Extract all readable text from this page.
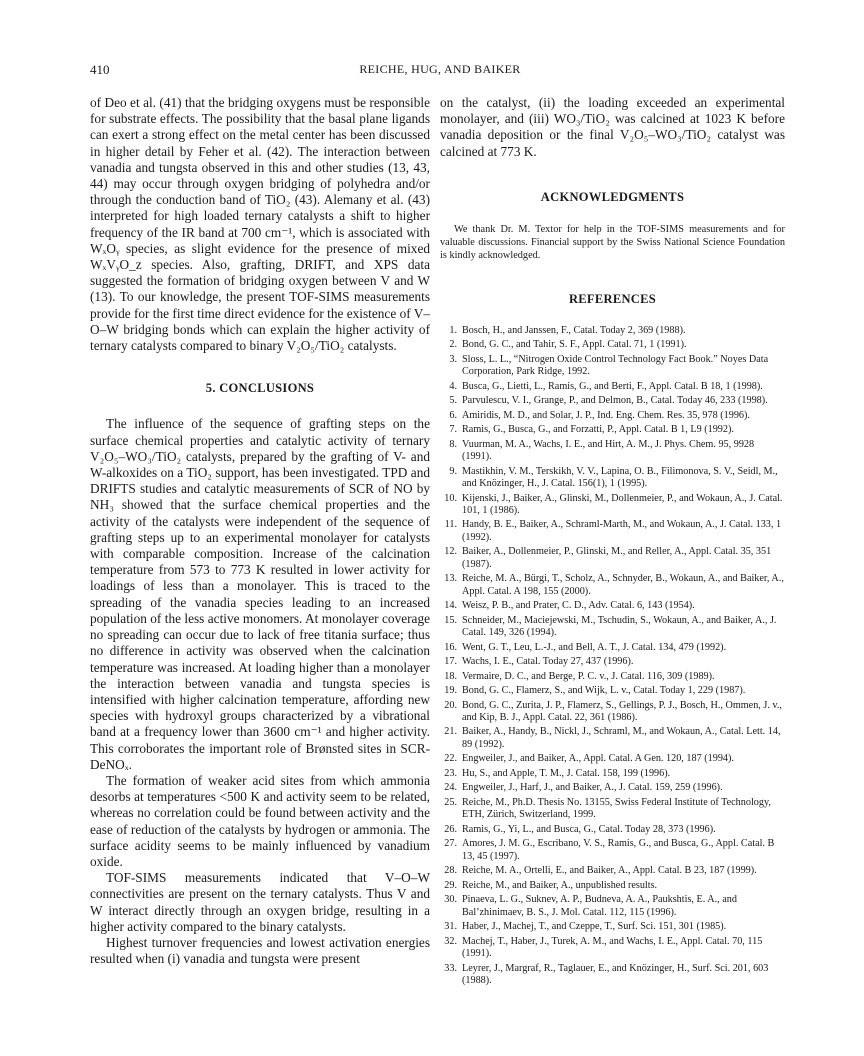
410	REICHE, HUG, AND BAIKER

of Deo et al. (41) that the bridging oxygens must be responsible for substrate effects. The possibility that the basal plane ligands can exert a strong effect on the metal center has been discussed in higher detail by Feher et al. (42). The interaction between vanadia and tungsta observed in this and other studies (13, 43, 44) may occur through oxygen bridging of polyhedra and/or through the conduction band of TiO₂ (43). Alemany et al. (43) interpreted for high loaded ternary catalysts a shift to higher frequency of the IR band at 700 cm⁻¹, which is associated with WₓOᵧ species, as slight evidence for the presence of mixed WₓVᵧO_z species. Also, grafting, DRIFT, and XPS data suggested the formation of bridging oxygen between V and W (13). To our knowledge, the present TOF-SIMS measurements provide for the first time direct evidence for the existence of V–O–W bridging bonds which can explain the higher activity of ternary catalysts compared to binary V₂O₅/TiO₂ catalysts.

5. CONCLUSIONS

The influence of the sequence of grafting steps on the surface chemical properties and catalytic activity of ternary V₂O₅–WO₃/TiO₂ catalysts, prepared by the grafting of V- and W-alkoxides on a TiO₂ support, has been investigated. TPD and DRIFTS studies and catalytic measurements of SCR of NO by NH₃ showed that the surface chemical properties and the activity of the catalysts were independent of the sequence of grafting steps up to an experimental monolayer for catalysts with comparable composition. Increase of the calcination temperature from 573 to 773 K resulted in lower activity for loadings of less than a monolayer. This is traced to the spreading of the vanadia species leading to an increased population of the less active monomers. At monolayer coverage no spreading can occur due to lack of free titania surface; thus no difference in activity was observed when the calcination temperature was increased. At loading higher than a monolayer the interaction between vanadia and tungsta species is intensified with higher calcination temperature, affording new species with hydroxyl groups characterized by a vibrational band at a frequency lower than 3600 cm⁻¹ and higher activity. This corroborates the important role of Brønsted sites in SCR-DeNOₓ.

The formation of weaker acid sites from which ammonia desorbs at temperatures <500 K and activity seem to be related, whereas no correlation could be found between activity and the ease of reduction of the catalysts by hydrogen or ammonia. The surface acidity seems to be mainly influenced by vanadium oxide.

TOF-SIMS measurements indicated that V–O–W connectivities are present on the ternary catalysts. Thus V and W interact directly through an oxygen bridge, resulting in a higher activity compared to the binary catalysts.

Highest turnover frequencies and lowest activation energies resulted when (i) vanadia and tungsta were present

on the catalyst, (ii) the loading exceeded an experimental monolayer, and (iii) WO₃/TiO₂ was calcined at 1023 K before vanadia deposition or the final V₂O₅–WO₃/TiO₂ catalyst was calcined at 773 K.

ACKNOWLEDGMENTS

We thank Dr. M. Textor for help in the TOF-SIMS measurements and for valuable discussions. Financial support by the Swiss National Science Foundation is kindly acknowledged.

REFERENCES
1. Bosch, H., and Janssen, F., Catal. Today 2, 369 (1988).
2. Bond, G. C., and Tahir, S. F., Appl. Catal. 71, 1 (1991).
3. Sloss, L. L., “Nitrogen Oxide Control Technology Fact Book.” Noyes Data Corporation, Park Ridge, 1992.
4. Busca, G., Lietti, L., Ramis, G., and Berti, F., Appl. Catal. B 18, 1 (1998).
5. Parvulescu, V. I., Grange, P., and Delmon, B., Catal. Today 46, 233 (1998).
6. Amiridis, M. D., and Solar, J. P., Ind. Eng. Chem. Res. 35, 978 (1996).
7. Ramis, G., Busca, G., and Forzatti, P., Appl. Catal. B 1, L9 (1992).
8. Vuurman, M. A., Wachs, I. E., and Hirt, A. M., J. Phys. Chem. 95, 9928 (1991).
9. Mastikhin, V. M., Terskikh, V. V., Lapina, O. B., Filimonova, S. V., Seidl, M., and Knözinger, H., J. Catal. 156(1), 1 (1995).
10. Kijenski, J., Baiker, A., Glinski, M., Dollenmeier, P., and Wokaun, A., J. Catal. 101, 1 (1986).
11. Handy, B. E., Baiker, A., Schraml-Marth, M., and Wokaun, A., J. Catal. 133, 1 (1992).
12. Baiker, A., Dollenmeier, P., Glinski, M., and Reller, A., Appl. Catal. 35, 351 (1987).
13. Reiche, M. A., Bürgi, T., Scholz, A., Schnyder, B., Wokaun, A., and Baiker, A., Appl. Catal. A 198, 155 (2000).
14. Weisz, P. B., and Prater, C. D., Adv. Catal. 6, 143 (1954).
15. Schneider, M., Maciejewski, M., Tschudin, S., Wokaun, A., and Baiker, A., J. Catal. 149, 326 (1994).
16. Went, G. T., Leu, L.-J., and Bell, A. T., J. Catal. 134, 479 (1992).
17. Wachs, I. E., Catal. Today 27, 437 (1996).
18. Vermaire, D. C., and Berge, P. C. v., J. Catal. 116, 309 (1989).
19. Bond, G. C., Flamerz, S., and Wijk, L. v., Catal. Today 1, 229 (1987).
20. Bond, G. C., Zurita, J. P., Flamerz, S., Gellings, P. J., Bosch, H., Ommen, J. v., and Kip, B. J., Appl. Catal. 22, 361 (1986).
21. Baiker, A., Handy, B., Nickl, J., Schraml, M., and Wokaun, A., Catal. Lett. 14, 89 (1992).
22. Engweiler, J., and Baiker, A., Appl. Catal. A Gen. 120, 187 (1994).
23. Hu, S., and Apple, T. M., J. Catal. 158, 199 (1996).
24. Engweiler, J., Harf, J., and Baiker, A., J. Catal. 159, 259 (1996).
25. Reiche, M., Ph.D. Thesis No. 13155, Swiss Federal Institute of Technology, ETH, Zürich, Switzerland, 1999.
26. Ramis, G., Yi, L., and Busca, G., Catal. Today 28, 373 (1996).
27. Amores, J. M. G., Escribano, V. S., Ramis, G., and Busca, G., Appl. Catal. B 13, 45 (1997).
28. Reiche, M. A., Ortelli, E., and Baiker, A., Appl. Catal. B 23, 187 (1999).
29. Reiche, M., and Baiker, A., unpublished results.
30. Pinaeva, L. G., Suknev, A. P., Budneva, A. A., Paukshtis, E. A., and Bal’zhinimaev, B. S., J. Mol. Catal. 112, 115 (1996).
31. Haber, J., Machej, T., and Czeppe, T., Surf. Sci. 151, 301 (1985).
32. Machej, T., Haber, J., Turek, A. M., and Wachs, I. E., Appl. Catal. 70, 115 (1991).
33. Leyrer, J., Margraf, R., Taglauer, E., and Knözinger, H., Surf. Sci. 201, 603 (1988).
